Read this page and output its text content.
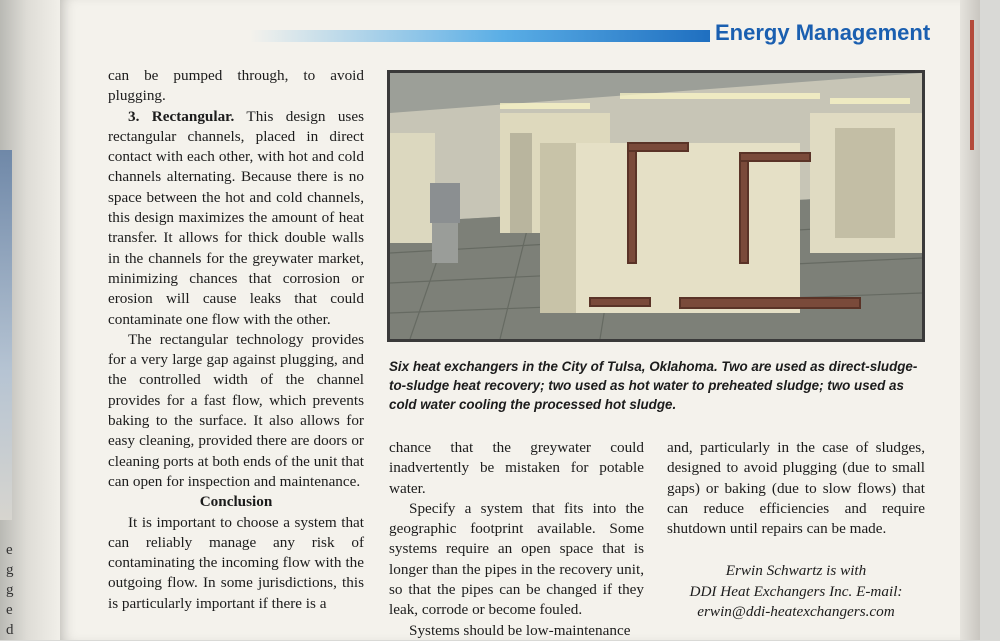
e
g
g
e
d
Energy Management

can be pumped through, to avoid plugging.

3. Rectangular. This design uses rectangular channels, placed in direct contact with each other, with hot and cold channels alternating. Because there is no space between the hot and cold channels, this design maximizes the amount of heat transfer. It allows for thick double walls in the channels for the greywater market, minimizing chances that corrosion or erosion will cause leaks that could contaminate one flow with the other.

The rectangular technology provides for a very large gap against plugging, and the controlled width of the channel provides for a fast flow, which prevents baking to the surface. It also allows for easy cleaning, provided there are doors or cleaning ports at both ends of the unit that can open for inspection and maintenance.

Conclusion

It is important to choose a system that can reliably manage any risk of contaminating the incoming flow with the outgoing flow. In some jurisdictions, this is particularly important if there is a

Six heat exchangers in the City of Tulsa, Oklahoma. Two are used as direct-sludge-to-sludge heat recovery; two used as hot water to preheated sludge; two used as cold water cooling the processed hot sludge.

chance that the greywater could inadvertently be mistaken for potable water.

Specify a system that fits into the geographic footprint available. Some systems require an open space that is longer than the pipes in the recovery unit, so that the pipes can be changed if they leak, corrode or become fouled.

Systems should be low-maintenance

and, particularly in the case of sludges, designed to avoid plugging (due to small gaps) or baking (due to slow flows) that can reduce efficiencies and require shutdown until repairs can be made.

Erwin Schwartz is with

DDI Heat Exchangers Inc. E-mail:

erwin@ddi-heatexchangers.com
